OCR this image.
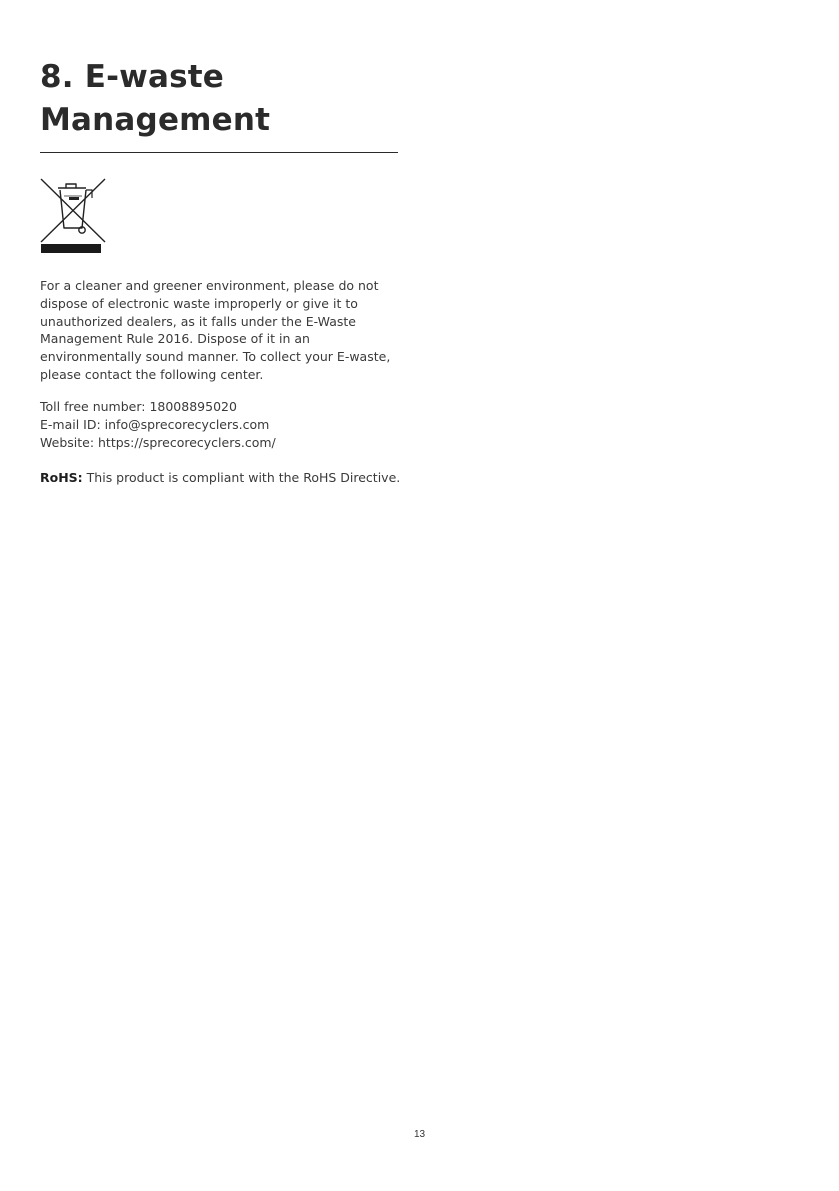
8. E-waste
Management

For a cleaner and greener environment, please do not dispose of electronic waste improperly or give it to unauthorized dealers, as it falls under the E-Waste Management Rule 2016. Dispose of it in an environmentally sound manner. To collect your E-waste, please contact the following center.

Toll free number: 18008895020
E-mail ID: info@sprecorecyclers.com
Website: https://sprecorecyclers.com/

RoHS: This product is compliant with the RoHS Directive.

13
